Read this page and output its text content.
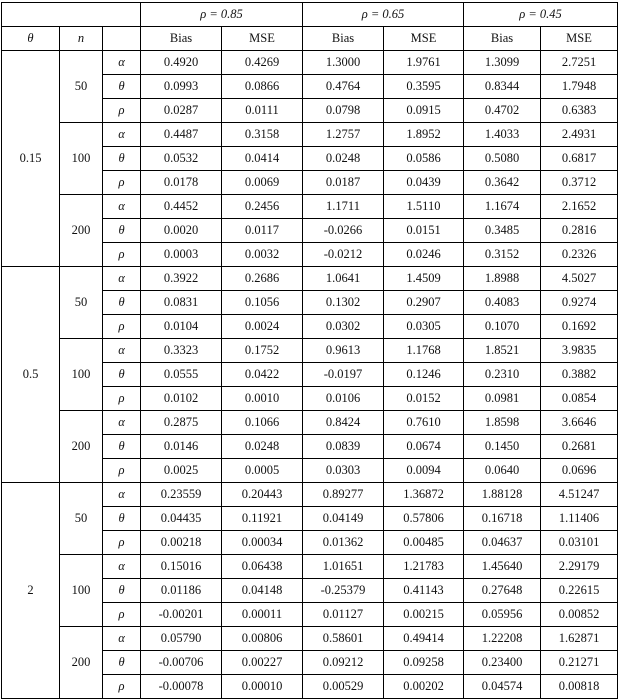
			ρ = 0.85		ρ = 0.65		ρ = 0.45	
θ	n		Bias	MSE	Bias	MSE	Bias	MSE
0.15	50	α	0.4920	0.4269	1.3000	1.9761	1.3099	2.7251
		θ	0.0993	0.0866	0.4764	0.3595	0.8344	1.7948
		ρ	0.0287	0.0111	0.0798	0.0915	0.4702	0.6383
	100	α	0.4487	0.3158	1.2757	1.8952	1.4033	2.4931
		θ	0.0532	0.0414	0.0248	0.0586	0.5080	0.6817
		ρ	0.0178	0.0069	0.0187	0.0439	0.3642	0.3712
	200	α	0.4452	0.2456	1.1711	1.5110	1.1674	2.1652
		θ	0.0020	0.0117	-0.0266	0.0151	0.3485	0.2816
		ρ	0.0003	0.0032	-0.0212	0.0246	0.3152	0.2326
0.5	50	α	0.3922	0.2686	1.0641	1.4509	1.8988	4.5027
		θ	0.0831	0.1056	0.1302	0.2907	0.4083	0.9274
		ρ	0.0104	0.0024	0.0302	0.0305	0.1070	0.1692
	100	α	0.3323	0.1752	0.9613	1.1768	1.8521	3.9835
		θ	0.0555	0.0422	-0.0197	0.1246	0.2310	0.3882
		ρ	0.0102	0.0010	0.0106	0.0152	0.0981	0.0854
	200	α	0.2875	0.1066	0.8424	0.7610	1.8598	3.6646
		θ	0.0146	0.0248	0.0839	0.0674	0.1450	0.2681
		ρ	0.0025	0.0005	0.0303	0.0094	0.0640	0.0696
2	50	α	0.23559	0.20443	0.89277	1.36872	1.88128	4.51247
		θ	0.04435	0.11921	0.04149	0.57806	0.16718	1.11406
		ρ	0.00218	0.00034	0.01362	0.00485	0.04637	0.03101
	100	α	0.15016	0.06438	1.01651	1.21783	1.45640	2.29179
		θ	0.01186	0.04148	-0.25379	0.41143	0.27648	0.22615
		ρ	-0.00201	0.00011	0.01127	0.00215	0.05956	0.00852
	200	α	0.05790	0.00806	0.58601	0.49414	1.22208	1.62871
		θ	-0.00706	0.00227	0.09212	0.09258	0.23400	0.21271
		ρ	-0.00078	0.00010	0.00529	0.00202	0.04574	0.00818
